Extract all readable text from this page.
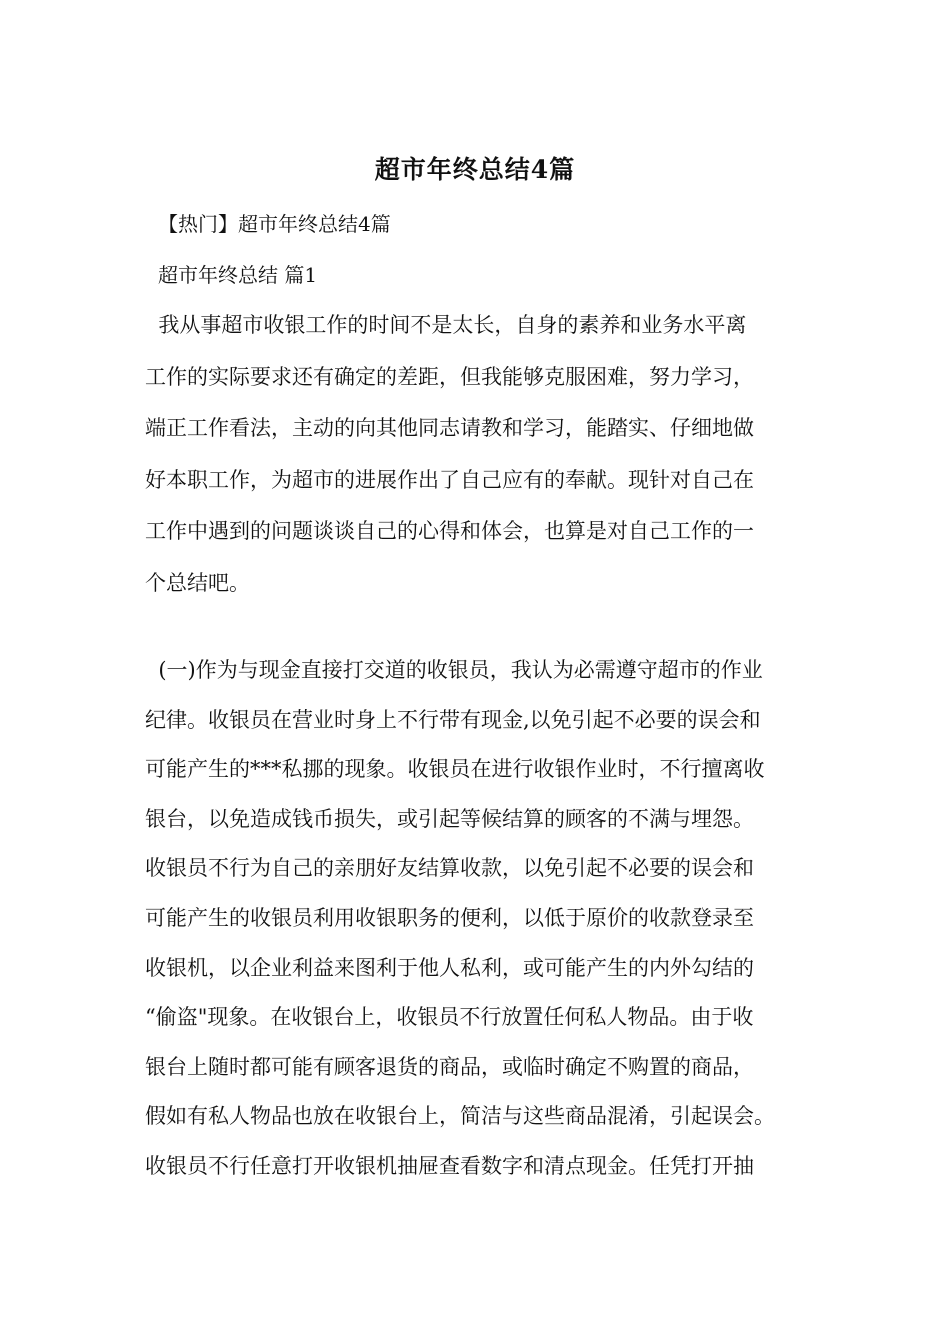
超市年终总结4篇
【热门】超市年终总结4篇
超市年终总结 篇1
我从事超市收银工作的时间不是太长，自身的素养和业务水平离
工作的实际要求还有确定的差距，但我能够克服困难，努力学习，
端正工作看法，主动的向其他同志请教和学习，能踏实、仔细地做
好本职工作，为超市的进展作出了自己应有的奉献。现针对自己在
工作中遇到的问题谈谈自己的心得和体会，也算是对自己工作的一
个总结吧。
(一)作为与现金直接打交道的收银员，我认为必需遵守超市的作业
纪律。收银员在营业时身上不行带有现金,以免引起不必要的误会和
可能产生的***私挪的现象。收银员在进行收银作业时，不行擅离收
银台，以免造成钱币损失，或引起等候结算的顾客的不满与埋怨。
收银员不行为自己的亲朋好友结算收款，以免引起不必要的误会和
可能产生的收银员利用收银职务的便利，以低于原价的收款登录至
收银机，以企业利益来图利于他人私利，或可能产生的内外勾结的
“偷盗"现象。在收银台上，收银员不行放置任何私人物品。由于收
银台上随时都可能有顾客退货的商品，或临时确定不购置的商品，
假如有私人物品也放在收银台上，简洁与这些商品混淆，引起误会。
收银员不行任意打开收银机抽屉查看数字和清点现金。任凭打开抽
